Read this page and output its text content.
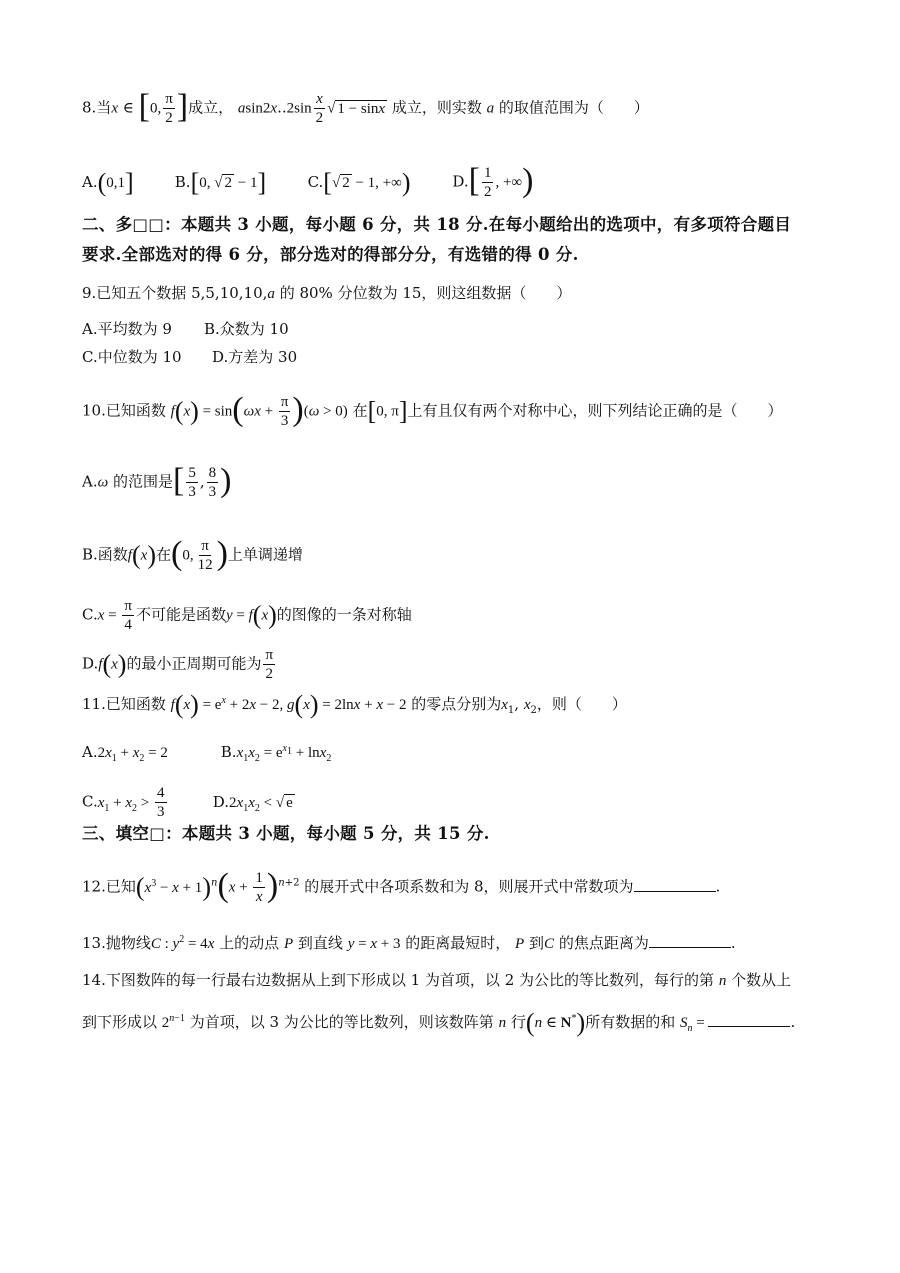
8.当x ∈ [0, $\frac{\pi}{2}$ ]成立， $asin2x..2\sin \frac{x}{2}$ √ 1 − sinx 成立，则实数 a 的取值范围为（　　）
A.(0,1]	B.[0, √ 2 − 1]	C.[√ 2 − 1, +∞)	$D.[ \frac{1}{2}$ , +∞)
二、多□□：本题共 3 小题，每小题 6 分，共 18 分.在每小题给出的选项中，有多项符合题目
要求.全部选对的得 6 分，部分选对的得部分分，有选错的得 0 分.
9.已知五个数据 5,5,10,10,a 的 80% 分位数为 15，则这组数据（　　）
A.平均数为 9 B.众数为 10
C.中位数为 10 D.方差为 30
10.已知函数 $f(x) = \sin(\omega x + \frac{\pi}{3} )(\omega > 0)$ 在[0, π]上有且仅有两个对称中心，则下列结论正确的是（　　）
A.ω 的范围是[ $\frac{5}{3}$ , $\frac{8}{3}$ )
B.函数f(x)在(0, $\frac{\pi}{12}$ )上单调递增
$C.x = \frac{\pi}{4}$ 不可能是函数y = f(x)的图像的一条对称轴
D.f(x)的最小正周期可能为 $\frac{\pi}{2}$
11.已知函数 $f(x) = e^x + 2x - 2$, g(x) = 2lnx + x − 2 的零点分别为$x_1$, $x_2$，则（　　）
$A.2x_1 + x_2 = 2$	$B.x_1x_2 = e^{x_1} + \ln x_2$
$C.x_1 + x_2 > \frac{4}{3}$	$D.2x_1x_2$ < √ e
三、填空□：本题共 3 小题，每小题 5 分，共 15 分.
12.已知$(x^3 - x + 1)^n(x + \frac{1}{x} )^{n+2}$ 的展开式中各项系数和为 8，则展开式中常数项为	.
13.抛物线C : $y^2 = 4x$ 上的动点 P 到直线 y = x + 3 的距离最短时， P 到C 的焦点距离为	.
14.下图数阵的每一行最右边数据从上到下形成以 1 为首项，以 2 为公比的等比数列，每行的第 n 个数从上
到下形成以 $2^{n-1}$ 为首项，以 3 为公比的等比数列，则该数阵第 n 行(n ∈ N*)所有数据的和 $S_n$ =	.
